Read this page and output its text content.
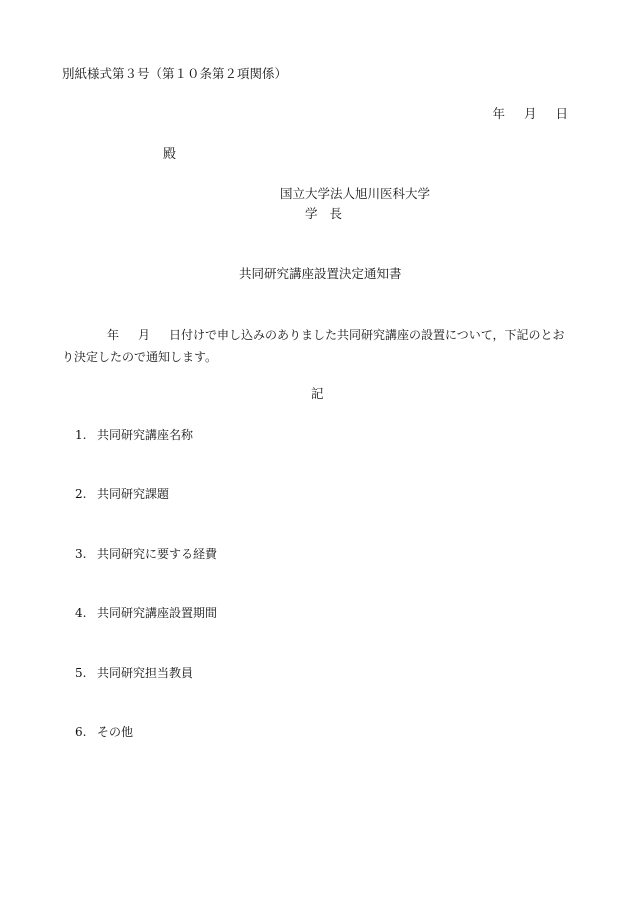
別紙様式第３号（第１０条第２項関係）
年 月 日
殿
国立大学法人旭川医科大学
学 長
共同研究講座設置決定通知書
年 月 日付けで申し込みのありました共同研究講座の設置について，下記のとおり決定したので通知します。
記
1. 共同研究講座名称
2. 共同研究課題
3. 共同研究に要する経費
4. 共同研究講座設置期間
5. 共同研究担当教員
6. その他
